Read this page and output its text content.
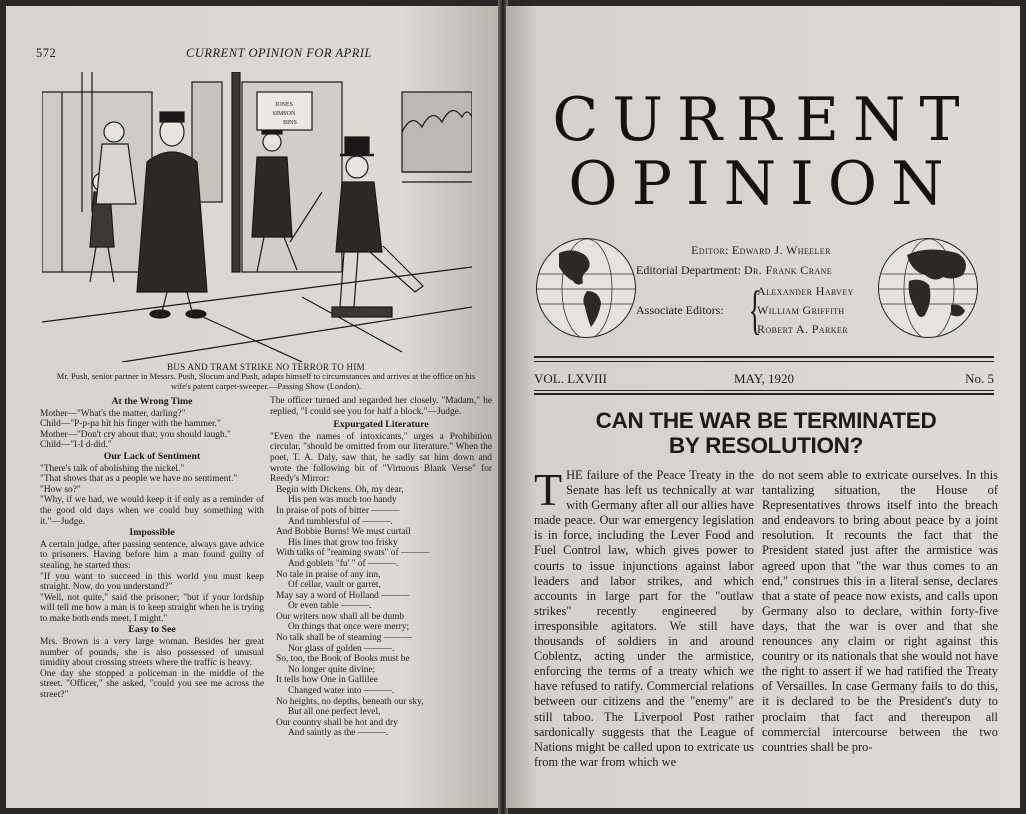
572	CURRENT OPINION FOR APRIL
JONES
SIMSON
BINS
BUS AND TRAM STRIKE NO TERROR TO HIM
Mr. Push, senior partner in Messrs. Push, Slocum and Push, adapts himself to circumstances and arrives at the office on his wife's patent carpet-sweeper.—Passing Show (London).
At the Wrong Time

Mother—"What's the matter, darling?"

Child—"P-p-pa hit his finger with the hammer."

Mother—"Don't cry about that; you should laugh."

Child—"I-I d-did."

Our Lack of Sentiment

"There's talk of abolishing the nickel."

"That shows that as a people we have no sentiment."

"How so?"

"Why, if we had, we would keep it if only as a reminder of the good old days when we could buy something with it."—Judge.

Impossible

A certain judge, after passing sentence, always gave advice to prisoners. Having before him a man found guilty of stealing, he started thus:

"If you want to succeed in this world you must keep straight. Now, do you understand?"

"Well, not quite," said the prisoner; "but if your lordship will tell me how a man is to keep straight when he is trying to make both ends meet, I might."

Easy to See

Mrs. Brown is a very large woman. Besides her great number of pounds, she is also possessed of unusual timidity about crossing streets where the traffic is heavy.

One day she stopped a policeman in the middle of the street. "Officer," she asked, "could you see me across the street?"

The officer turned and regarded her closely. "Madam," he replied, "I could see you for half a block."—Judge.

Expurgated Literature

"Even the names of intoxicants," urges a Prohibition circular, "should be omitted from our literature." When the poet, T. A. Daly, saw that, he sadly sat him down and wrote the following bit of "Virtuous Blank Verse" for Reedy's Mirror:

Begin with Dickens. Oh, my dear,
His pen was much too handy
In praise of pots of bitter ———
And tumblersful of ———.
And Bobbie Burns! We must curtail
His lines that grow too frisky
With talks of "reaming swats" of ———
And goblets "fu' " of ———.
No tale in praise of any inn,
Of cellar, vault or garret,
May say a word of Holland ———
Or even table ———.
Our writers now shall all be dumb
On things that once were merry;
No talk shall be of steaming ———
Nor glass of golden ———.
So, too, the Book of Books must be
No longer quite divine;
It tells how One in Gallilee
Changed water into ———.
No heights, no depths, beneath our sky,
But all one perfect level,
Our country shall be hot and dry
And saintly as the ———.
CURRENT
OPINION
Editor: Edward J. Wheeler
Editorial Department: Dr. Frank Crane
Associate Editors: {
Alexander Harvey
William Griffith
Robert A. Parker
VOL. LXVIII	MAY, 1920	No. 5
CAN THE WAR BE TERMINATED
BY RESOLUTION?
T HE failure of the Peace Treaty in the Senate has left us technically at war with Germany after all our allies have made peace. Our war emergency legislation is in force, including the Lever Food and Fuel Control law, which gives power to courts to issue injunctions against labor leaders and labor strikes, and which accounts in large part for the "outlaw strikes" recently engineered by irresponsible agitators. We still have thousands of soldiers in and around Coblentz, acting under the armistice, enforcing the terms of a treaty which we have refused to ratify. Commercial relations between our citizens and the "enemy" are still taboo. The Liverpool Post rather sardonically suggests that the League of Nations might be called upon to extricate us from the war from which we
do not seem able to extricate ourselves. In this tantalizing situation, the House of Representatives throws itself into the breach and endeavors to bring about peace by a joint resolution. It recounts the fact that the President stated just after the armistice was agreed upon that "the war thus comes to an end," construes this in a literal sense, declares that a state of peace now exists, and calls upon Germany also to declare, within forty-five days, that the war is over and that she renounces any claim or right against this country or its nationals that she would not have the right to assert if we had ratified the Treaty of Versailles. In case Germany fails to do this, it is declared to be the President's duty to proclaim that fact and thereupon all commercial intercourse between the two countries shall be pro-
